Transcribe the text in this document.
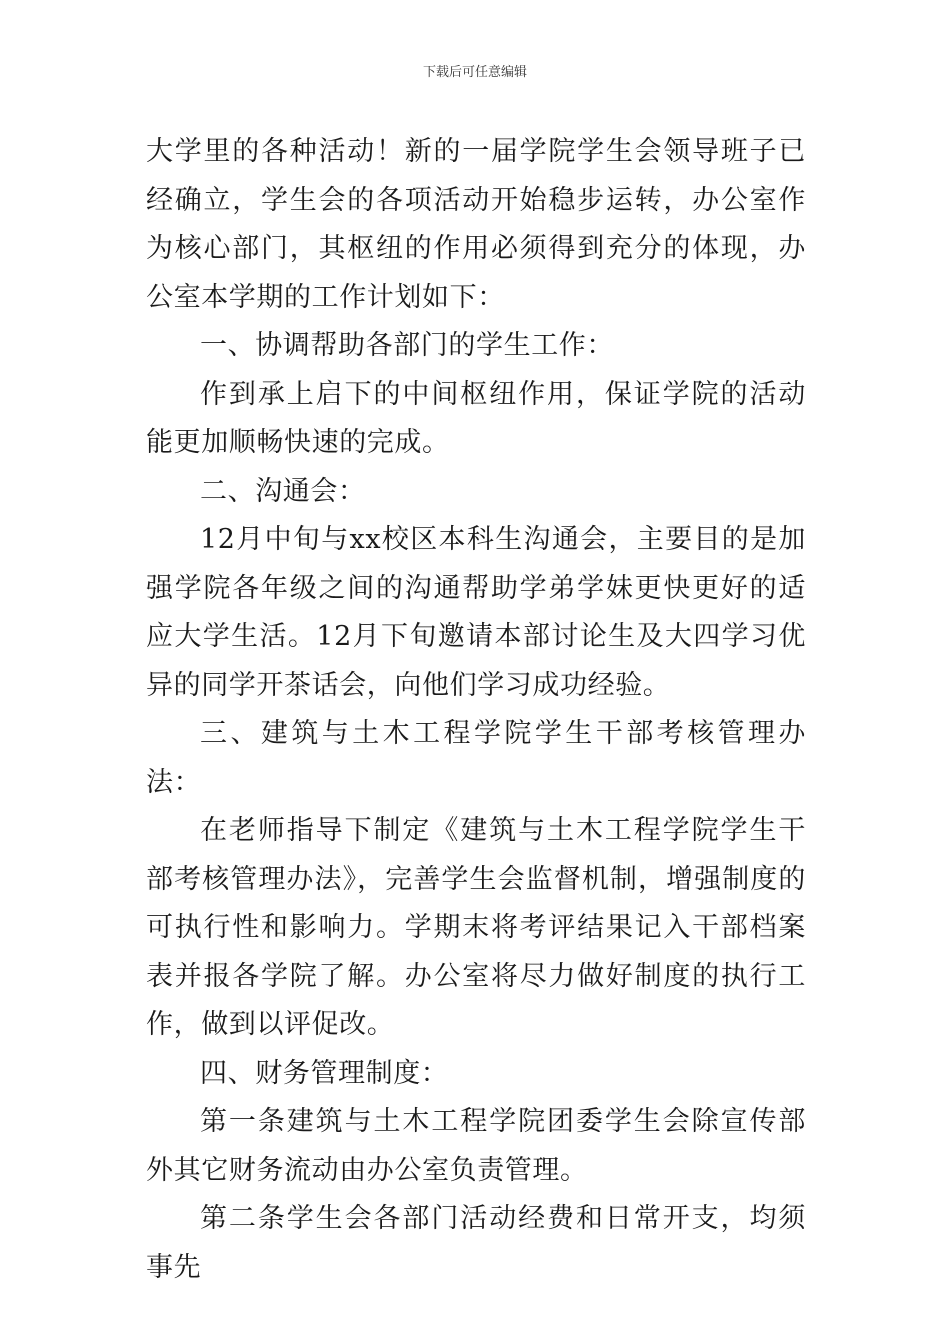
下载后可任意编辑

大学里的各种活动！新的一届学院学生会领导班子已经确立，学生会的各项活动开始稳步运转，办公室作为核心部门，其枢纽的作用必须得到充分的体现，办公室本学期的工作计划如下：

一、协调帮助各部门的学生工作：

作到承上启下的中间枢纽作用，保证学院的活动能更加顺畅快速的完成。

二、沟通会：

12月中旬与xx校区本科生沟通会，主要目的是加强学院各年级之间的沟通帮助学弟学妹更快更好的适应大学生活。12月下旬邀请本部讨论生及大四学习优异的同学开茶话会，向他们学习成功经验。

三、建筑与土木工程学院学生干部考核管理办法：

在老师指导下制定《建筑与土木工程学院学生干部考核管理办法》，完善学生会监督机制，增强制度的可执行性和影响力。学期末将考评结果记入干部档案表并报各学院了解。办公室将尽力做好制度的执行工作，做到以评促改。

四、财务管理制度：

第一条建筑与土木工程学院团委学生会除宣传部外其它财务流动由办公室负责管理。

第二条学生会各部门活动经费和日常开支，均须事先
